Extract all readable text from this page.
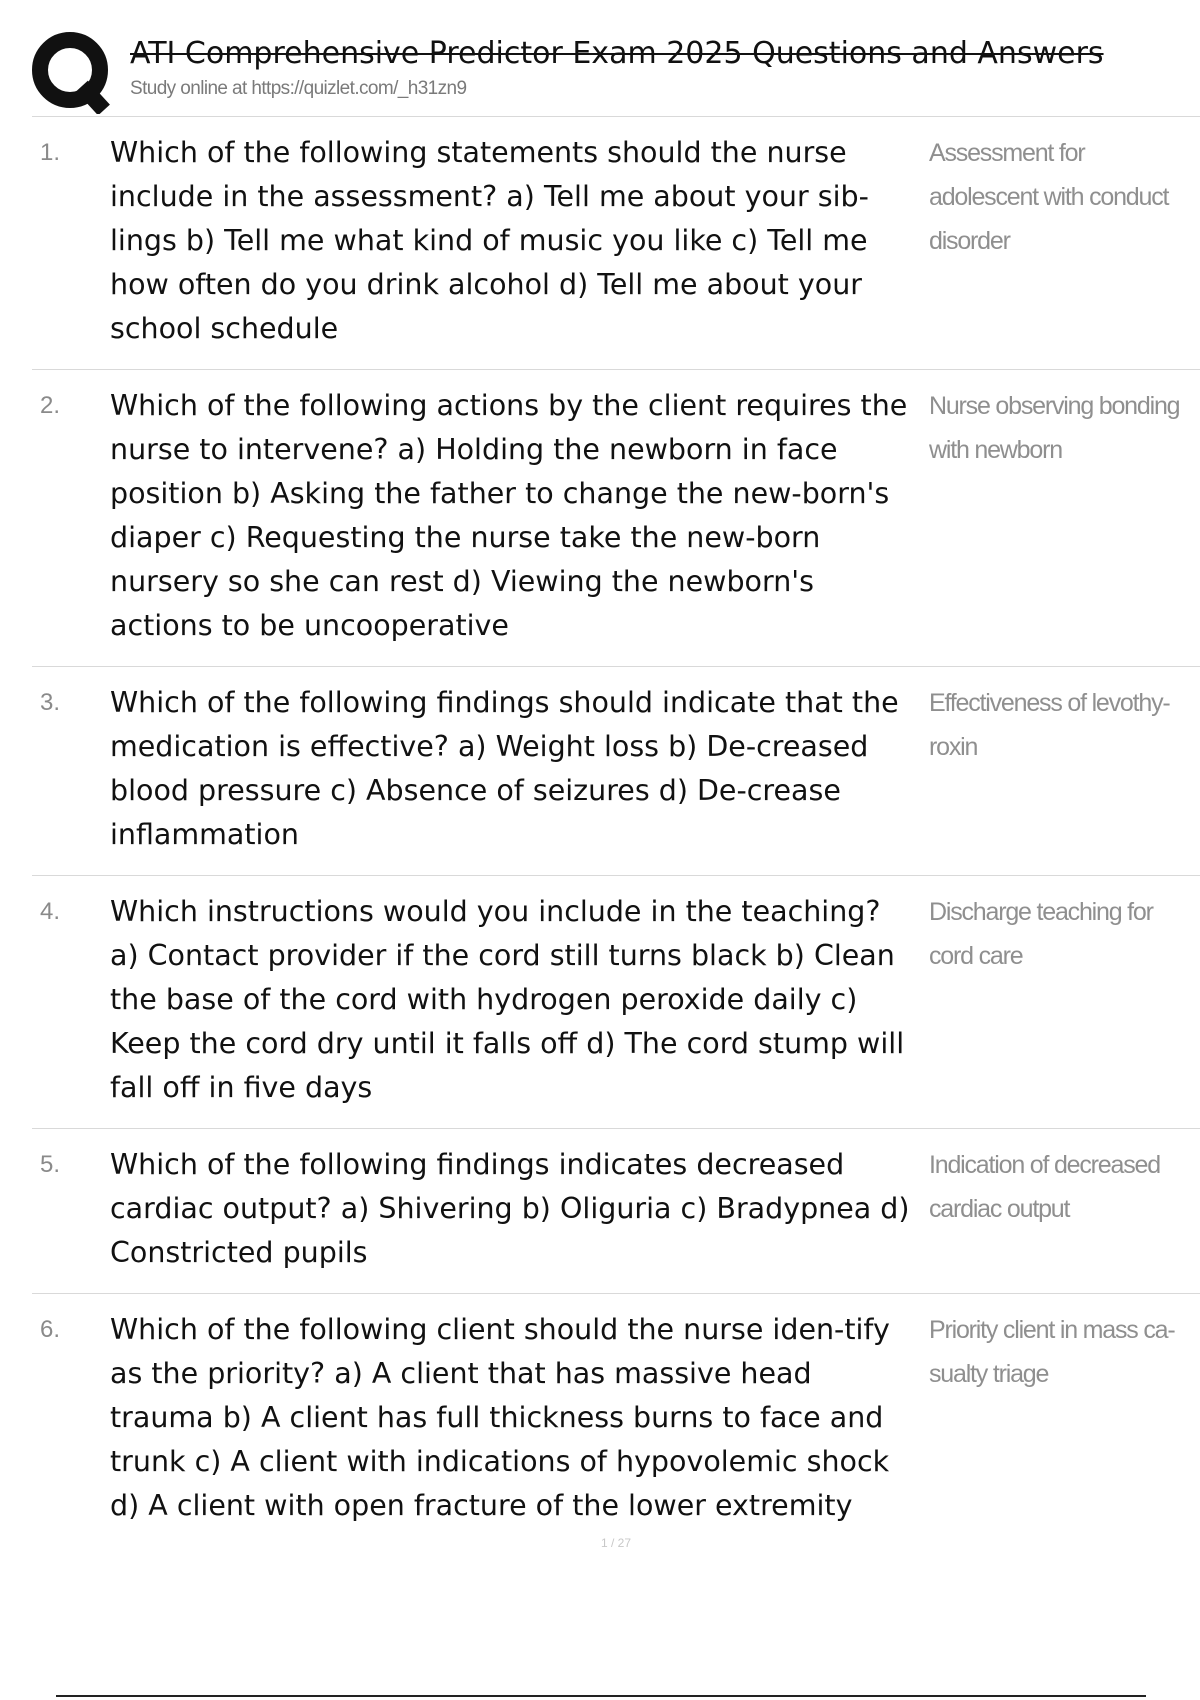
ATI Comprehensive Predictor Exam 2025 Questions and Answers
Study online at https://quizlet.com/_h31zn9
1.	Which of the following statements should the nurse include in the assessment? a) Tell me about your sib-lings b) Tell me what kind of music you like c) Tell me how often do you drink alcohol d) Tell me about your school schedule
Assessment for adolescent with conduct disorder
2.	Which of the following actions by the client requires the nurse to intervene? a) Holding the newborn in face position b) Asking the father to change the new-born's diaper c) Requesting the nurse take the new-born nursery so she can rest d) Viewing the newborn's actions to be uncooperative
Nurse observing bonding with newborn
3.	Which of the following findings should indicate that the medication is effective? a) Weight loss b) De-creased blood pressure c) Absence of seizures d) De-crease inflammation
Effectiveness of levothy-roxin
4.	Which instructions would you include in the teaching? a) Contact provider if the cord still turns black b) Clean the base of the cord with hydrogen peroxide daily c) Keep the cord dry until it falls off d) The cord stump will fall off in five days
Discharge teaching for cord care
5.	Which of the following findings indicates decreased cardiac output? a) Shivering b) Oliguria c) Bradypnea d) Constricted pupils
Indication of decreased cardiac output
6.	Which of the following client should the nurse iden-tify as the priority? a) A client that has massive head trauma b) A client has full thickness burns to face and trunk c) A client with indications of hypovolemic shock d) A client with open fracture of the lower extremity
Priority client in mass ca-sualty triage
1 / 27
